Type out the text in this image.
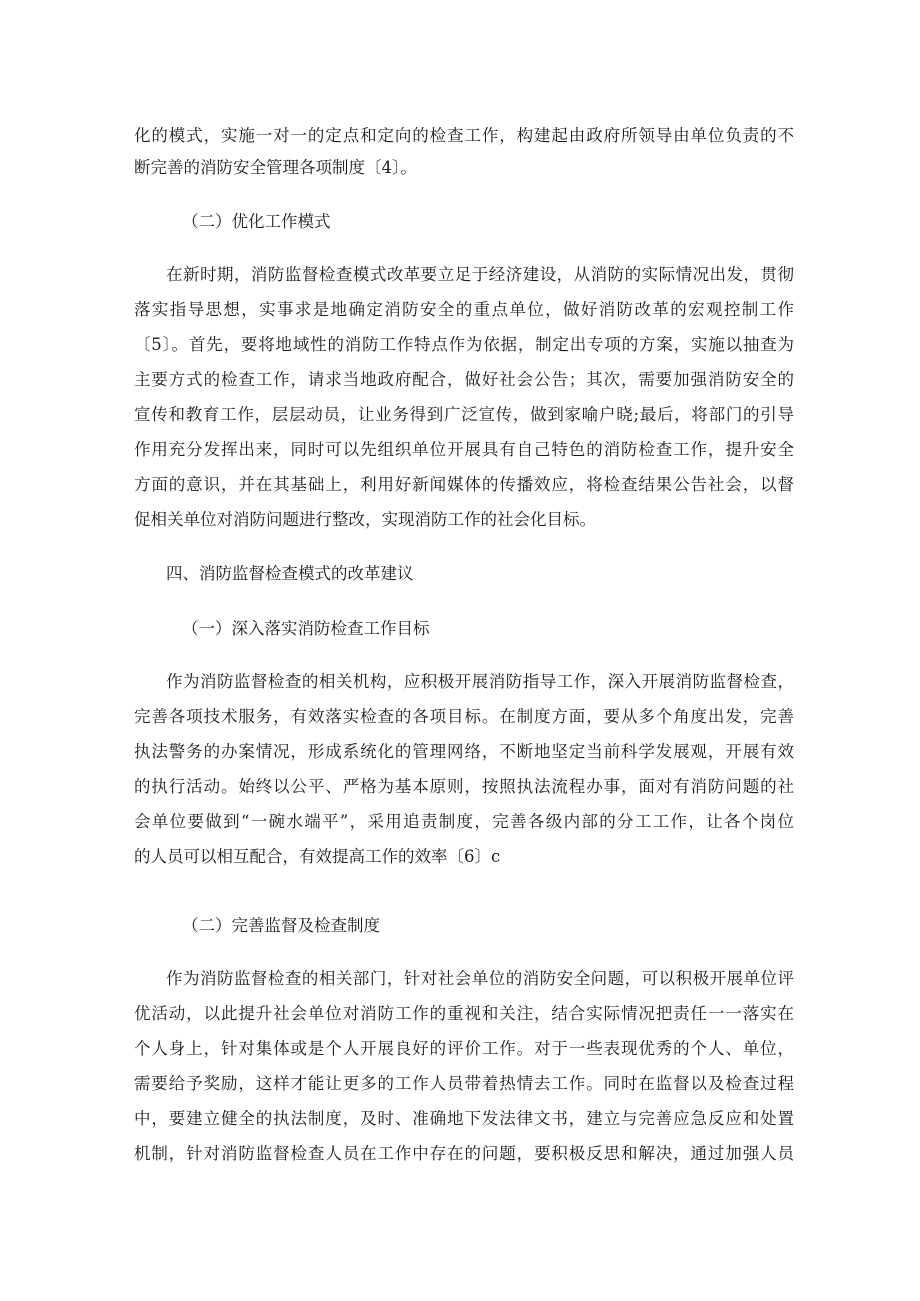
化的模式，实施一对一的定点和定向的检查工作，构建起由政府所领导由单位负责的不
断完善的消防安全管理各项制度〔4〕。
（二）优化工作模式
在新时期，消防监督检查模式改革要立足于经济建设，从消防的实际情况出发，贯彻
落实指导思想，实事求是地确定消防安全的重点单位，做好消防改革的宏观控制工作
〔5〕。首先，要将地域性的消防工作特点作为依据，制定出专项的方案，实施以抽查为
主要方式的检查工作，请求当地政府配合，做好社会公告；其次，需要加强消防安全的
宣传和教育工作，层层动员，让业务得到广泛宣传，做到家喻户晓;最后，将部门的引导
作用充分发挥出来，同时可以先组织单位开展具有自己特色的消防检查工作，提升安全
方面的意识，并在其基础上，利用好新闻媒体的传播效应，将检查结果公告社会，以督
促相关单位对消防问题进行整改，实现消防工作的社会化目标。
四、消防监督检查模式的改革建议
（一）深入落实消防检查工作目标
作为消防监督检查的相关机构，应积极开展消防指导工作，深入开展消防监督检查，
完善各项技术服务，有效落实检查的各项目标。在制度方面，要从多个角度出发，完善
执法警务的办案情况，形成系统化的管理网络，不断地坚定当前科学发展观，开展有效
的执行活动。始终以公平、严格为基本原则，按照执法流程办事，面对有消防问题的社
会单位要做到“一碗水端平”，采用追责制度，完善各级内部的分工工作，让各个岗位
的人员可以相互配合，有效提高工作的效率〔6〕c
（二）完善监督及检查制度
作为消防监督检查的相关部门，针对社会单位的消防安全问题，可以积极开展单位评
优活动，以此提升社会单位对消防工作的重视和关注，结合实际情况把责任一一落实在
个人身上，针对集体或是个人开展良好的评价工作。对于一些表现优秀的个人、单位，
需要给予奖励，这样才能让更多的工作人员带着热情去工作。同时在监督以及检查过程
中，要建立健全的执法制度，及时、准确地下发法律文书，建立与完善应急反应和处置
机制，针对消防监督检查人员在工作中存在的问题，要积极反思和解决，通过加强人员
